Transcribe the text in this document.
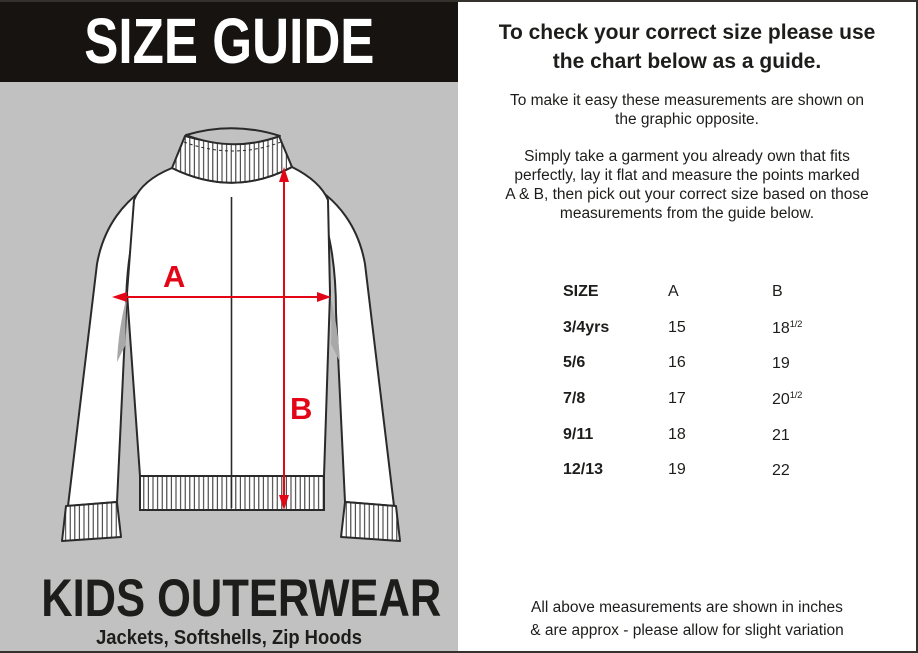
SIZE GUIDE
A
B
KIDS OUTERWEAR
Jackets, Softshells, Zip Hoods
To check your correct size please use
the chart below as a guide.
To make it easy these measurements are shown on
the graphic opposite.
Simply take a garment you already own that fits
perfectly, lay it flat and measure the points marked
A & B, then pick out your correct size based on those
measurements from the guide below.
SIZE	A	B
3/4yrs	15	$18^{1/2}$
5/6	16	19
7/8	17	$20^{1/2}$
9/11	18	21
12/13	19	22
All above measurements are shown in inches
& are approx - please allow for slight variation
